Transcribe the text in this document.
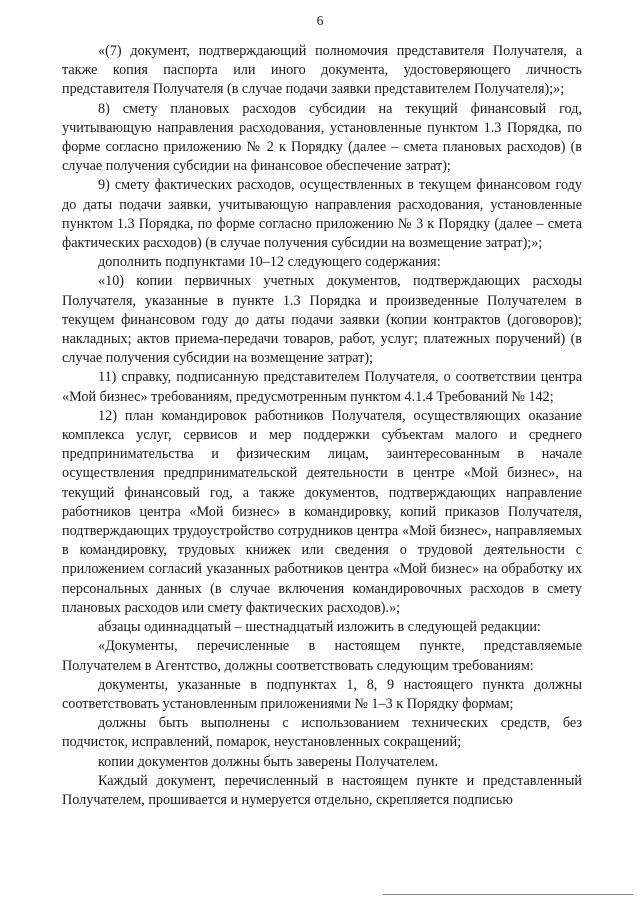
6

«(7) документ, подтверждающий полномочия представителя Получателя, а также копия паспорта или иного документа, удостоверяющего личность представителя Получателя (в случае подачи заявки представителем Получателя);»;

8) смету плановых расходов субсидии на текущий финансовый год, учитывающую направления расходования, установленные пунктом 1.3 Порядка, по форме согласно приложению № 2 к Порядку (далее – смета плановых расходов) (в случае получения субсидии на финансовое обеспечение затрат);

9) смету фактических расходов, осуществленных в текущем финансовом году до даты подачи заявки, учитывающую направления расходования, установленные пунктом 1.3 Порядка, по форме согласно приложению № 3 к Порядку (далее – смета фактических расходов) (в случае получения субсидии на возмещение затрат);»;

дополнить подпунктами 10–12 следующего содержания:

«10) копии первичных учетных документов, подтверждающих расходы Получателя, указанные в пункте 1.3 Порядка и произведенные Получателем в текущем финансовом году до даты подачи заявки (копии контрактов (договоров); накладных; актов приема-передачи товаров, работ, услуг; платежных поручений) (в случае получения субсидии на возмещение затрат);

11) справку, подписанную представителем Получателя, о соответствии центра «Мой бизнес» требованиям, предусмотренным пунктом 4.1.4 Требований № 142;

12) план командировок работников Получателя, осуществляющих оказание комплекса услуг, сервисов и мер поддержки субъектам малого и среднего предпринимательства и физическим лицам, заинтересованным в начале осуществления предпринимательской деятельности в центре «Мой бизнес», на текущий финансовый год, а также документов, подтверждающих направление работников центра «Мой бизнес» в командировку, копий приказов Получателя, подтверждающих трудоустройство сотрудников центра «Мой бизнес», направляемых в командировку, трудовых книжек или сведения о трудовой деятельности с приложением согласий указанных работников центра «Мой бизнес» на обработку их персональных данных (в случае включения командировочных расходов в смету плановых расходов или смету фактических расходов).»;

абзацы одиннадцатый – шестнадцатый изложить в следующей редакции:

«Документы, перечисленные в настоящем пункте, представляемые Получателем в Агентство, должны соответствовать следующим требованиям:

документы, указанные в подпунктах 1, 8, 9 настоящего пункта должны соответствовать установленным приложениями № 1–3 к Порядку формам;

должны быть выполнены с использованием технических средств, без подчисток, исправлений, помарок, неустановленных сокращений;

копии документов должны быть заверены Получателем.

Каждый документ, перечисленный в настоящем пункте и представленный Получателем, прошивается и нумеруется отдельно, скрепляется подписью
